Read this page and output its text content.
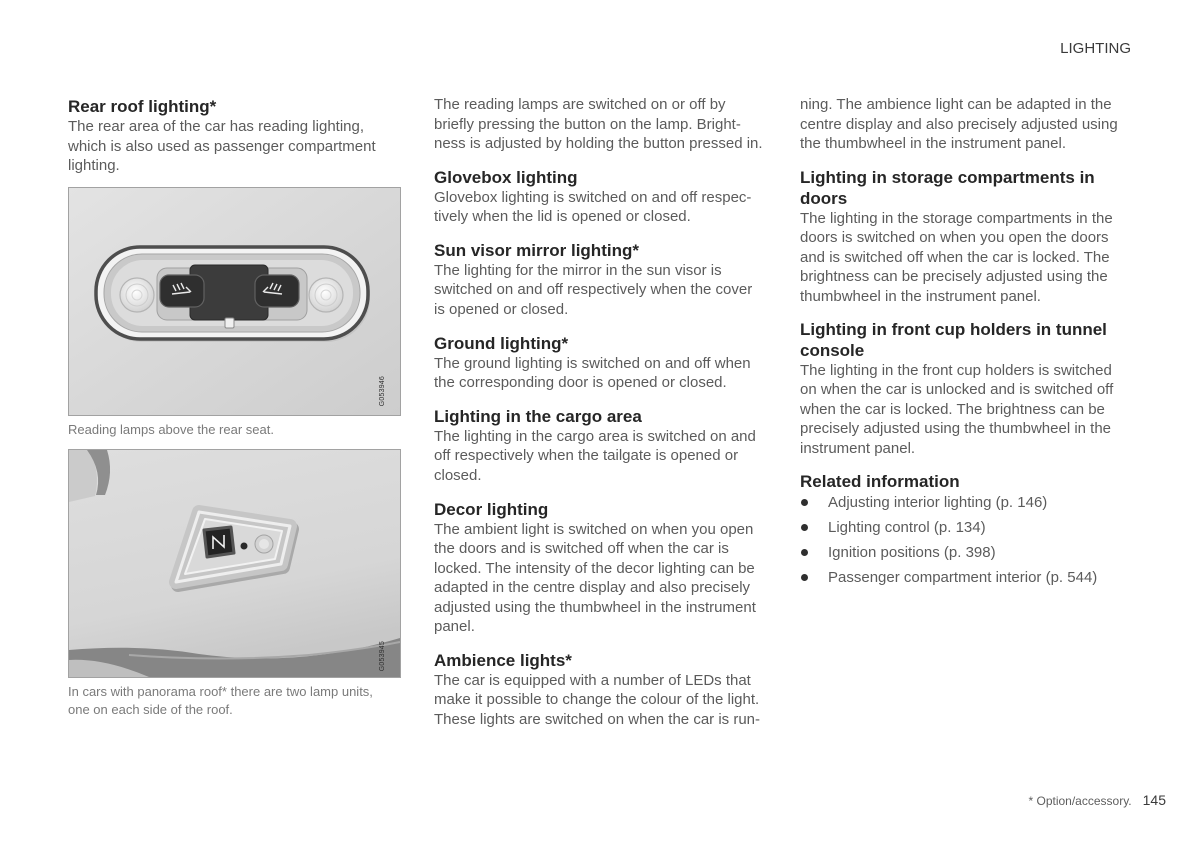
LIGHTING
Rear roof lighting*
The rear area of the car has reading lighting,
which is also used as passenger compartment
lighting.
G053946
Reading lamps above the rear seat.
G053945
In cars with panorama roof* there are two lamp units,
one on each side of the roof.
The reading lamps are switched on or off by
briefly pressing the button on the lamp. Bright-
ness is adjusted by holding the button pressed in.
Glovebox lighting
Glovebox lighting is switched on and off respec-
tively when the lid is opened or closed.
Sun visor mirror lighting*
The lighting for the mirror in the sun visor is
switched on and off respectively when the cover
is opened or closed.
Ground lighting*
The ground lighting is switched on and off when
the corresponding door is opened or closed.
Lighting in the cargo area
The lighting in the cargo area is switched on and
off respectively when the tailgate is opened or
closed.
Decor lighting
The ambient light is switched on when you open
the doors and is switched off when the car is
locked. The intensity of the decor lighting can be
adapted in the centre display and also precisely
adjusted using the thumbwheel in the instrument
panel.
Ambience lights*
The car is equipped with a number of LEDs that
make it possible to change the colour of the light.
These lights are switched on when the car is run-
ning. The ambience light can be adapted in the
centre display and also precisely adjusted using
the thumbwheel in the instrument panel.
Lighting in storage compartments in doors
The lighting in the storage compartments in the
doors is switched on when you open the doors
and is switched off when the car is locked. The
brightness can be precisely adjusted using the
thumbwheel in the instrument panel.
Lighting in front cup holders in tunnel console
The lighting in the front cup holders is switched
on when the car is unlocked and is switched off
when the car is locked. The brightness can be
precisely adjusted using the thumbwheel in the
instrument panel.
Related information
Adjusting interior lighting (p. 146)
Lighting control (p. 134)
Ignition positions (p. 398)
Passenger compartment interior (p. 544)
* Option/accessory. 145
